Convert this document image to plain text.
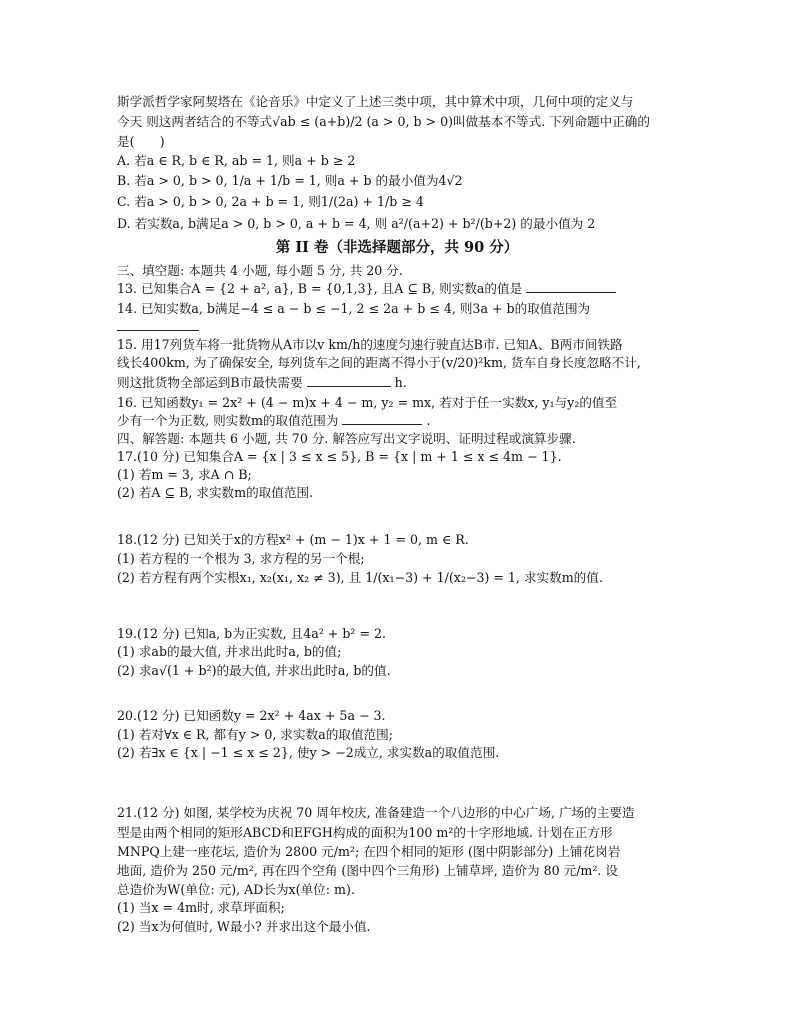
斯学派哲学家阿契塔在《论音乐》中定义了上述三类中项，其中算术中项，几何中项的定义与
今天 则这两者结合的不等式√ab ≤ (a+b)/2 (a > 0, b > 0)叫做基本不等式. 下列命题中正确的
是(　　)
A. 若a ∈ R, b ∈ R, ab = 1, 则a + b ≥ 2
B. 若a > 0, b > 0, 1/a + 1/b = 1, 则a + b 的最小值为4√2
C. 若a > 0, b > 0, 2a + b = 1, 则1/(2a) + 1/b ≥ 4
D. 若实数a, b满足a > 0, b > 0, a + b = 4, 则 a²/(a+2) + b²/(b+2) 的最小值为 2
第 II 卷（非选择题部分，共 90 分）
三、填空题: 本题共 4 小题, 每小题 5 分, 共 20 分.
13. 已知集合A = {2 + a², a}, B = {0,1,3}, 且A ⊆ B, 则实数a的值是
14. 已知实数a, b满足−4 ≤ a − b ≤ −1, 2 ≤ 2a + b ≤ 4, 则3a + b的取值范围为
15. 用17列货车将一批货物从A市以v km/h的速度匀速行驶直达B市. 已知A、B两市间铁路
线长400km, 为了确保安全, 每列货车之间的距离不得小于(v/20)²km, 货车自身长度忽略不计,
则这批货物全部运到B市最快需要	h.
16. 已知函数y₁ = 2x² + (4 − m)x + 4 − m, y₂ = mx, 若对于任一实数x, y₁与y₂的值至
少有一个为正数, 则实数m的取值范围为	.
四、解答题: 本题共 6 小题, 共 70 分. 解答应写出文字说明、证明过程或演算步骤.
17.(10 分) 已知集合A = {x | 3 ≤ x ≤ 5}, B = {x | m + 1 ≤ x ≤ 4m − 1}.
(1) 若m = 3, 求A ∩ B;
(2) 若A ⊆ B, 求实数m的取值范围.
18.(12 分) 已知关于x的方程x² + (m − 1)x + 1 = 0, m ∈ R.
(1) 若方程的一个根为 3, 求方程的另一个根;
(2) 若方程有两个实根x₁, x₂(x₁, x₂ ≠ 3), 且 1/(x₁−3) + 1/(x₂−3) = 1, 求实数m的值.
19.(12 分) 已知a, b为正实数, 且4a² + b² = 2.
(1) 求ab的最大值, 并求出此时a, b的值;
(2) 求a√(1 + b²)的最大值, 并求出此时a, b的值.
20.(12 分) 已知函数y = 2x² + 4ax + 5a − 3.
(1) 若对∀x ∈ R, 都有y > 0, 求实数a的取值范围;
(2) 若∃x ∈ {x | −1 ≤ x ≤ 2}, 使y > −2成立, 求实数a的取值范围.
21.(12 分) 如图, 某学校为庆祝 70 周年校庆, 准备建造一个八边形的中心广场, 广场的主要造
型是由两个相同的矩形ABCD和EFGH构成的面积为100 m²的十字形地域. 计划在正方形
MNPQ上建一座花坛, 造价为 2800 元/m²; 在四个相同的矩形 (图中阴影部分) 上铺花岗岩
地面, 造价为 250 元/m², 再在四个空角 (图中四个三角形) 上铺草坪, 造价为 80 元/m². 设
总造价为W(单位: 元), AD长为x(单位: m).
(1) 当x = 4m时, 求草坪面积;
(2) 当x为何值时, W最小? 并求出这个最小值.
